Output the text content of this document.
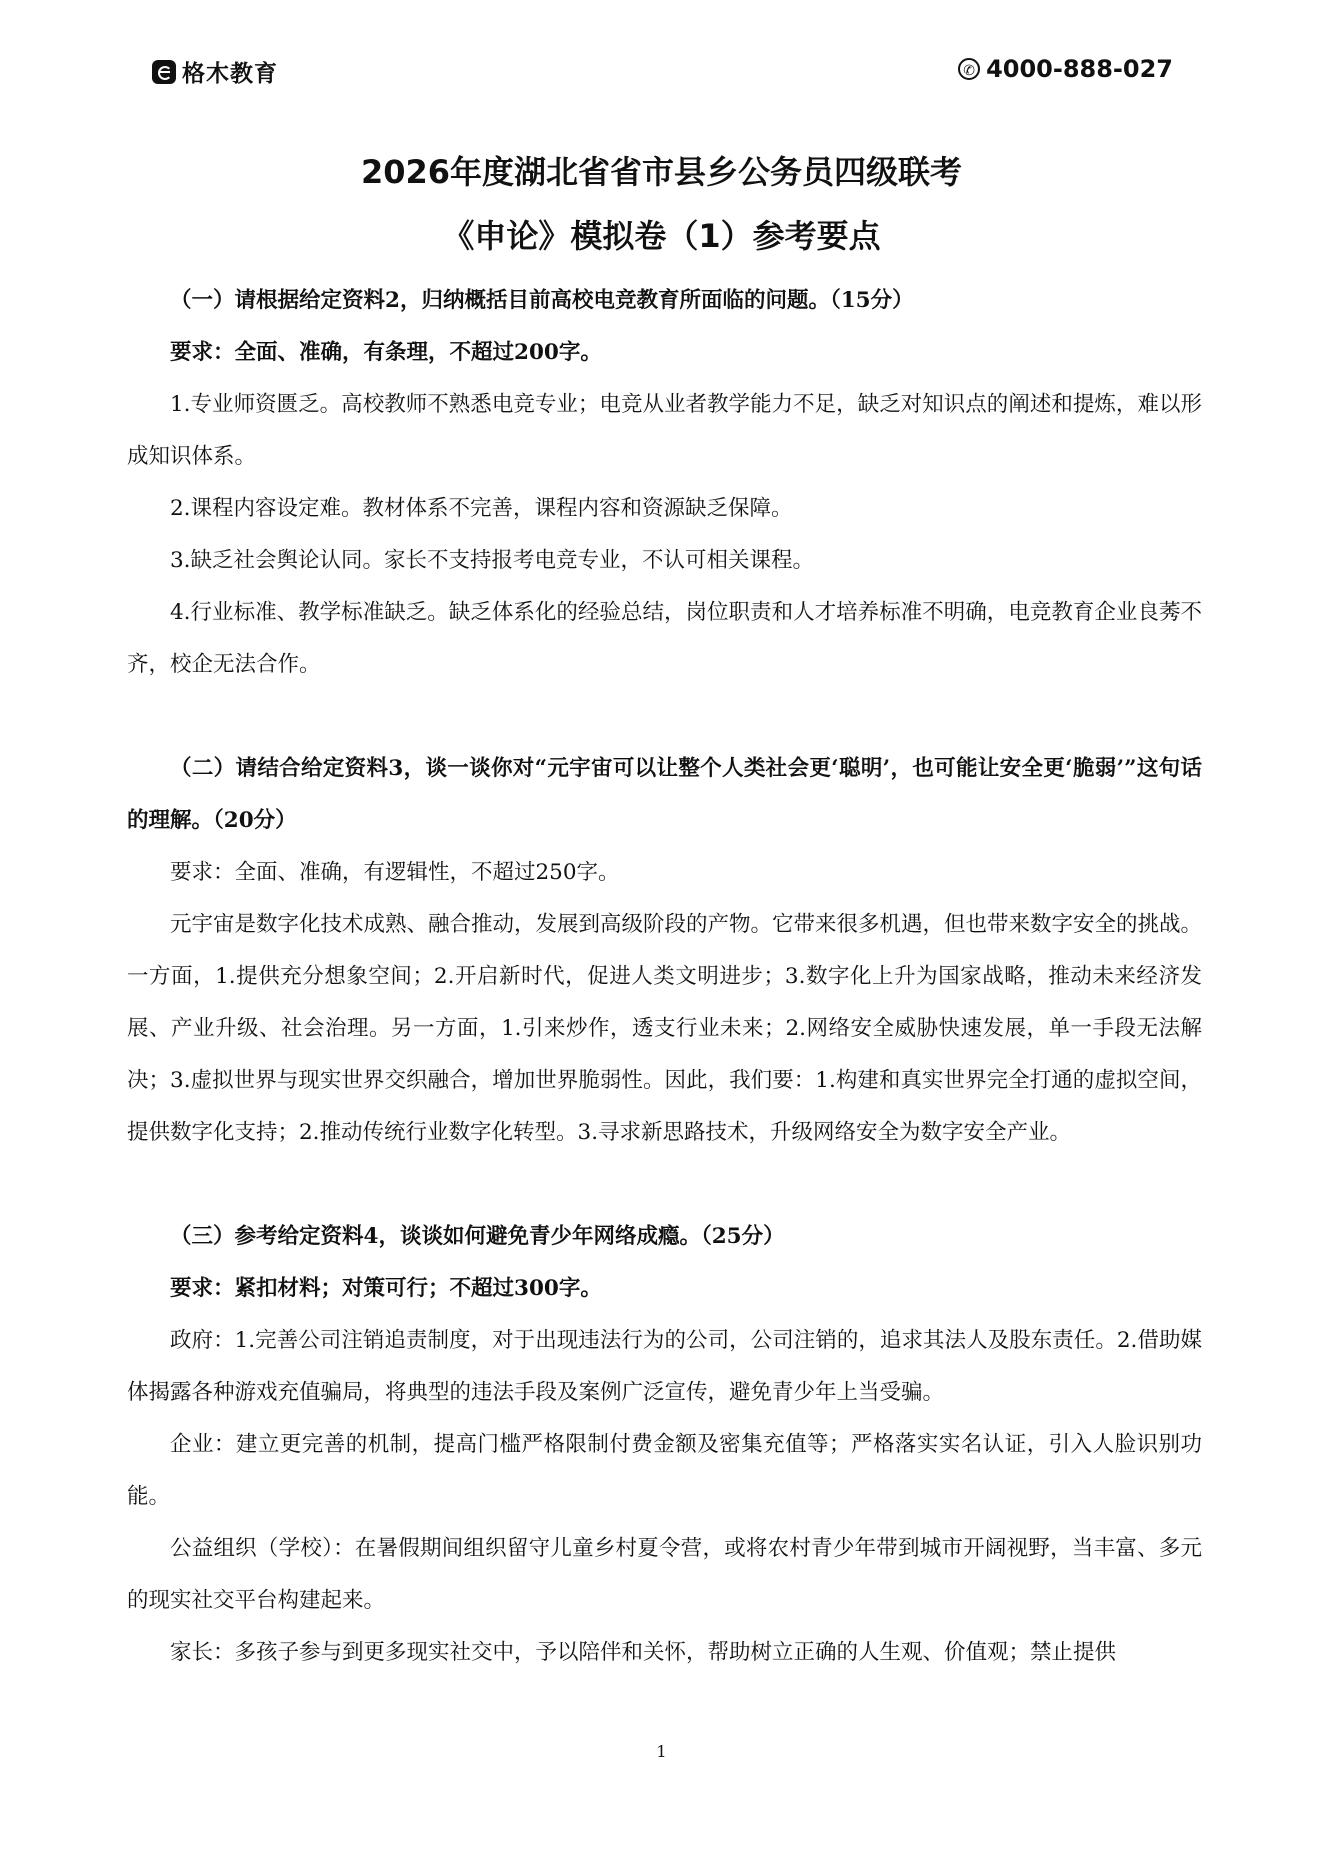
格木教育	✆ 4000-888-027
2026年度湖北省省市县乡公务员四级联考
《申论》模拟卷（1）参考要点

（一）请根据给定资料2，归纳概括目前高校电竞教育所面临的问题。（15分）

要求：全面、准确，有条理，不超过200字。

1.专业师资匮乏。高校教师不熟悉电竞专业；电竞从业者教学能力不足，缺乏对知识点的阐述和提炼，难以形成知识体系。

2.课程内容设定难。教材体系不完善，课程内容和资源缺乏保障。

3.缺乏社会舆论认同。家长不支持报考电竞专业，不认可相关课程。

4.行业标准、教学标准缺乏。缺乏体系化的经验总结，岗位职责和人才培养标准不明确，电竞教育企业良莠不齐，校企无法合作。

（二）请结合给定资料3，谈一谈你对“元宇宙可以让整个人类社会更‘聪明’，也可能让安全更‘脆弱’”这句话的理解。（20分）

要求：全面、准确，有逻辑性，不超过250字。

元宇宙是数字化技术成熟、融合推动，发展到高级阶段的产物。它带来很多机遇，但也带来数字安全的挑战。一方面，1.提供充分想象空间；2.开启新时代，促进人类文明进步；3.数字化上升为国家战略，推动未来经济发展、产业升级、社会治理。另一方面，1.引来炒作，透支行业未来；2.网络安全威胁快速发展，单一手段无法解决；3.虚拟世界与现实世界交织融合，增加世界脆弱性。因此，我们要：1.构建和真实世界完全打通的虚拟空间，提供数字化支持；2.推动传统行业数字化转型。3.寻求新思路技术，升级网络安全为数字安全产业。

（三）参考给定资料4，谈谈如何避免青少年网络成瘾。（25分）

要求：紧扣材料；对策可行；不超过300字。

政府：1.完善公司注销追责制度，对于出现违法行为的公司，公司注销的，追求其法人及股东责任。2.借助媒体揭露各种游戏充值骗局，将典型的违法手段及案例广泛宣传，避免青少年上当受骗。

企业：建立更完善的机制，提高门槛严格限制付费金额及密集充值等；严格落实实名认证，引入人脸识别功能。

公益组织（学校）：在暑假期间组织留守儿童乡村夏令营，或将农村青少年带到城市开阔视野，当丰富、多元的现实社交平台构建起来。

家长：多孩子参与到更多现实社交中，予以陪伴和关怀，帮助树立正确的人生观、价值观；禁止提供

1
